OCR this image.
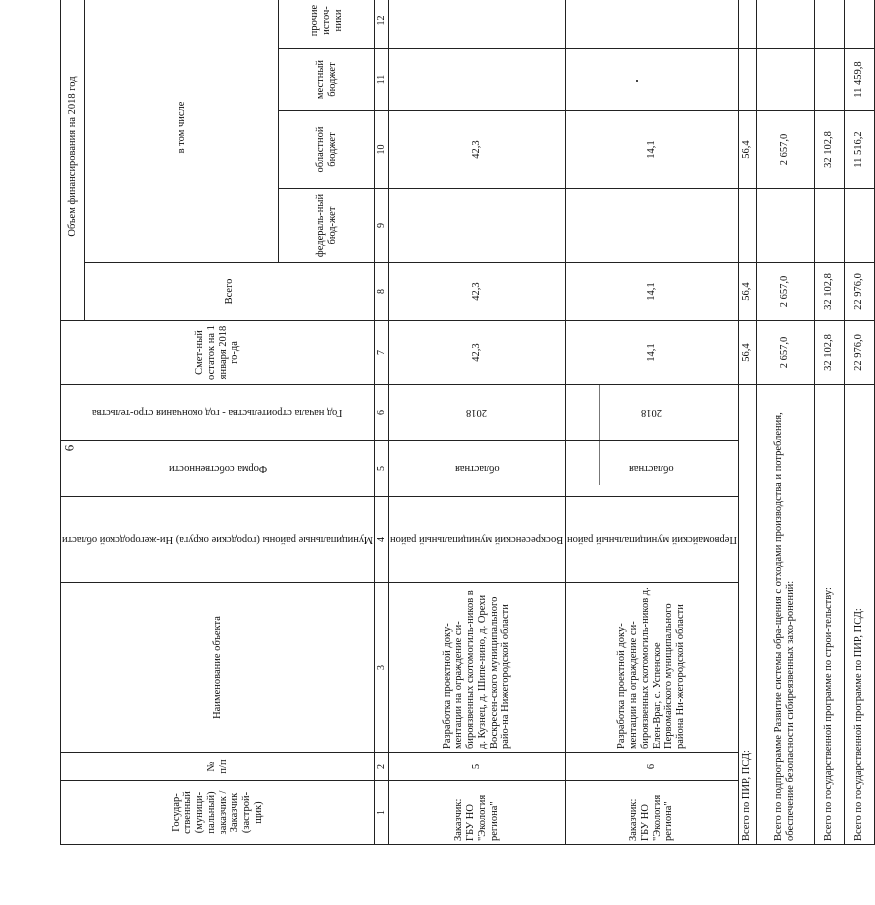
6
Государ-ственный (муници-пальный) заказчик /Заказчик (застрой-щик)	№ п/п	Наименование объекта	Муниципальные районы (городские округа) Ни-жегородской области	Форма собственности	Год начала строительства - год окончания стро-тельства	Смет-ный остаток на 1 января 2018 го-да	Объем финансирования на 2018 год				
							Всего	в том числе			
								федераль-ный бюд-жет	областной бюджет	местный бюджет	прочие источ-ники
1	2	3	4	5	6	7	8	9	10	11	12
Заказчик: ГБУ НО "Экология региона"	5	Разработка проектной доку-ментации на ограждение си-бироязвенных скотомогиль-ников в д. Кузнец, д. Шипе-нино, д. Орехи Воскресен-ского муниципального райо-на Нижегородской области	Воскресенский муниципальный район	областная	2018	42,3	42,3		42,3		
Заказчик: ГБУ НО "Экология региона"	6	Разработка проектной доку-ментации на ограждение си-бироязвенных скотомогиль-ников д. Елен-Враг, с. Успенское Первомайского муниципального района Ни-жегородской области	Первомайский муниципальный район	областная	2018	14,1	14,1		14,1		
Всего по ПИР, ПСД:						56,4	56,4		56,4		
Всего по подпрограмме Развитие системы обра-щения с отходами производства и потребления, обеспечение безопасности сибиреязвенных захо-ронений:						2 657,0	2 657,0		2 657,0		
Всего по государственной программе по строи-тельству:						32 102,8	32 102,8		32 102,8		
Всего по государственной программе по ПИР, ПСД:						22 976,0	22 976,0		11 516,2	11 459,8	
